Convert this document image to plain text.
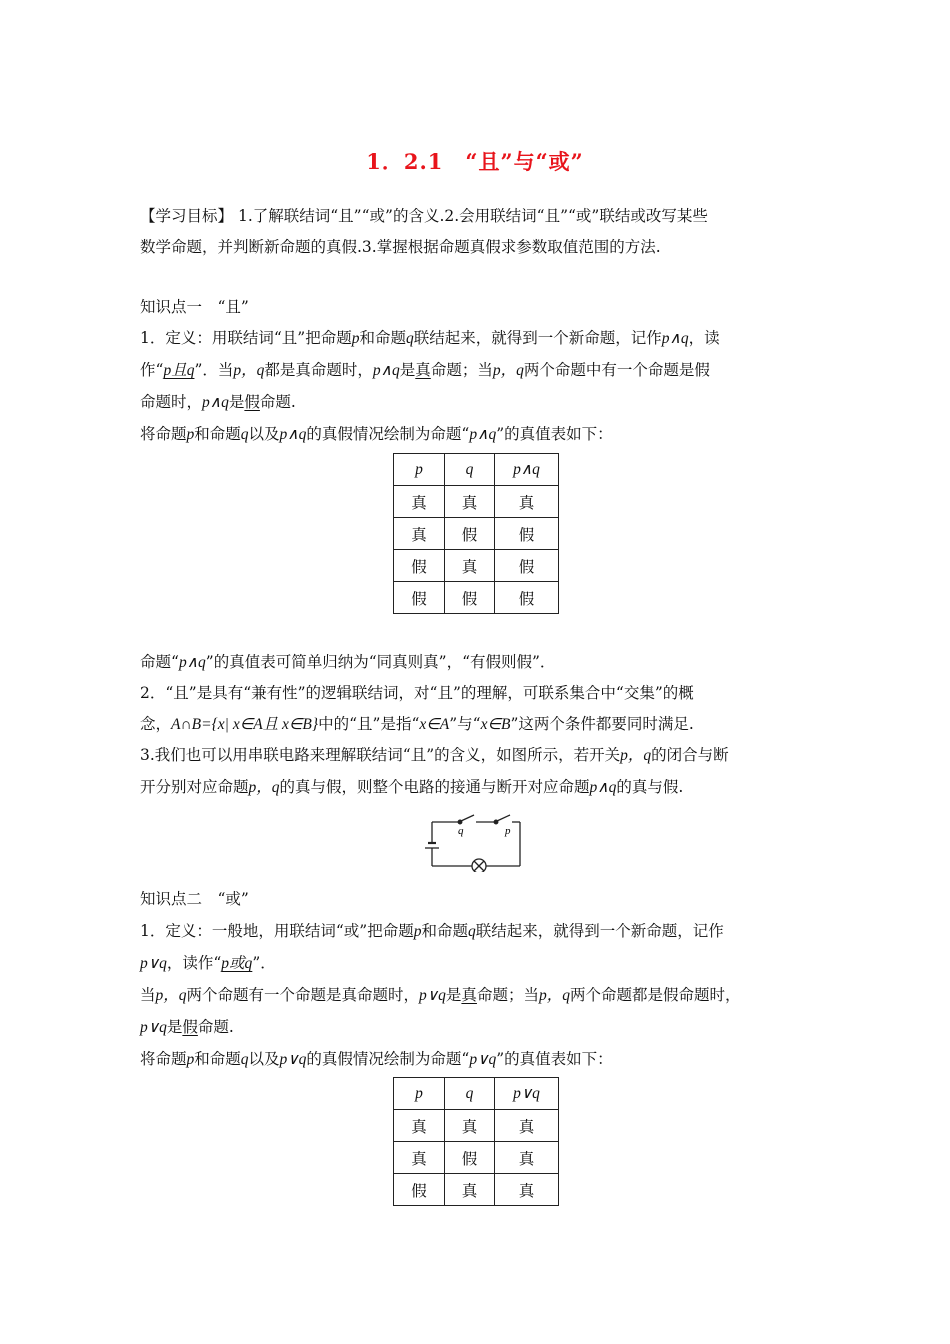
1．2.1　“且”与“或”
【学习目标】 1.了解联结词“且”“或”的含义.2.会用联结词“且”“或”联结或改写某些
数学命题，并判断新命题的真假.3.掌握根据命题真假求参数取值范围的方法.
知识点一　“且”
1．定义：用联结词“且”把命题p和命题q联结起来，就得到一个新命题，记作p∧q，读
作“p且q”．当p，q都是真命题时，p∧q是真命题；当p，q两个命题中有一个命题是假
命题时，p∧q是假命题.
将命题p和命题q以及p∧q的真假情况绘制为命题“p∧q”的真值表如下：
p	q	p∧q
真	真	真
真	假	假
假	真	假
假	假	假
命题“p∧q”的真值表可简单归纳为“同真则真”，“有假则假”．
2．“且”是具有“兼有性”的逻辑联结词，对“且”的理解，可联系集合中“交集”的概
念，A∩B={x| x∈A且 x∈B}中的“且”是指“x∈A”与“x∈B”这两个条件都要同时满足.
3.我们也可以用串联电路来理解联结词“且”的含义，如图所示，若开关p，q的闭合与断
开分别对应命题p，q的真与假，则整个电路的接通与断开对应命题p∧q的真与假.
q	p
知识点二　“或”
1．定义：一般地，用联结词“或”把命题p和命题q联结起来，就得到一个新命题，记作
p∨q，读作“p或q”．
当p，q两个命题有一个命题是真命题时，p∨q是真命题；当p，q两个命题都是假命题时，
p∨q是假命题.
将命题p和命题q以及p∨q的真假情况绘制为命题“p∨q”的真值表如下：
p	q	p∨q
真	真	真
真	假	真
假	真	真
